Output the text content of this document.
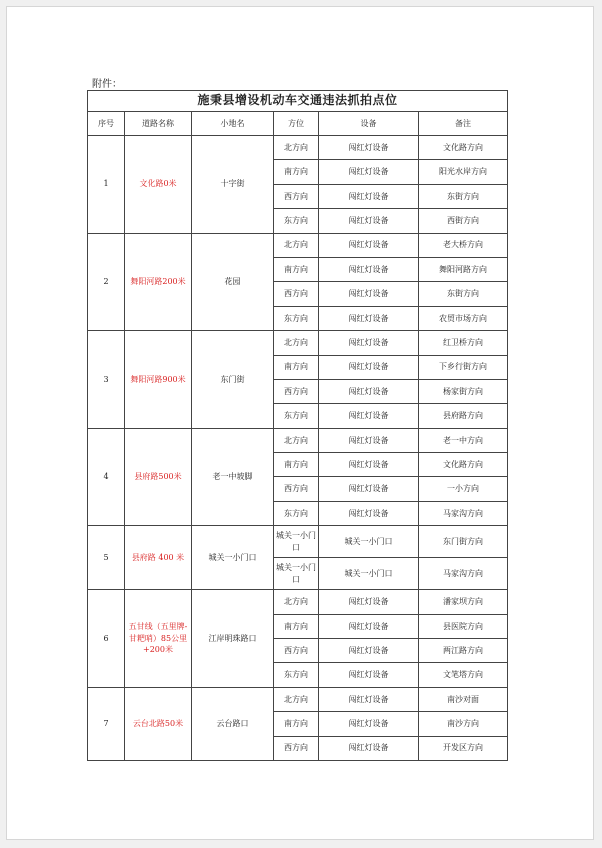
附件：
施秉县增设机动车交通违法抓拍点位					
序号	道路名称	小地名	方位	设备	备注
1	文化路0米	十字街	北方向	闯红灯设备	文化路方向
			南方向	闯红灯设备	阳光水岸方向
			西方向	闯红灯设备	东街方向
			东方向	闯红灯设备	西街方向
2	舞阳河路200米	花园	北方向	闯红灯设备	老大桥方向
			南方向	闯红灯设备	舞阳河路方向
			西方向	闯红灯设备	东街方向
			东方向	闯红灯设备	农贸市场方向
3	舞阳河路900米	东门街	北方向	闯红灯设备	红卫桥方向
			南方向	闯红灯设备	下乡行街方向
			西方向	闯红灯设备	杨家街方向
			东方向	闯红灯设备	县府路方向
4	县府路500米	老一中坡脚	北方向	闯红灯设备	老一中方向
			南方向	闯红灯设备	文化路方向
			西方向	闯红灯设备	一小方向
			东方向	闯红灯设备	马家沟方向
5	县府路 400 米	城关一小门口	城关一小门口	城关一小门口	东门街方向
			城关一小门口	城关一小门口	马家沟方向
6	五甘线（五里牌-甘耙哨）85公里+200米	江岸明珠路口	北方向	闯红灯设备	潘家坝方向
			南方向	闯红灯设备	县医院方向
			西方向	闯红灯设备	两江路方向
			东方向	闯红灯设备	文笔塔方向
7	云台北路50米	云台路口	北方向	闯红灯设备	南沙对面
			南方向	闯红灯设备	南沙方向
			西方向	闯红灯设备	开发区方向
